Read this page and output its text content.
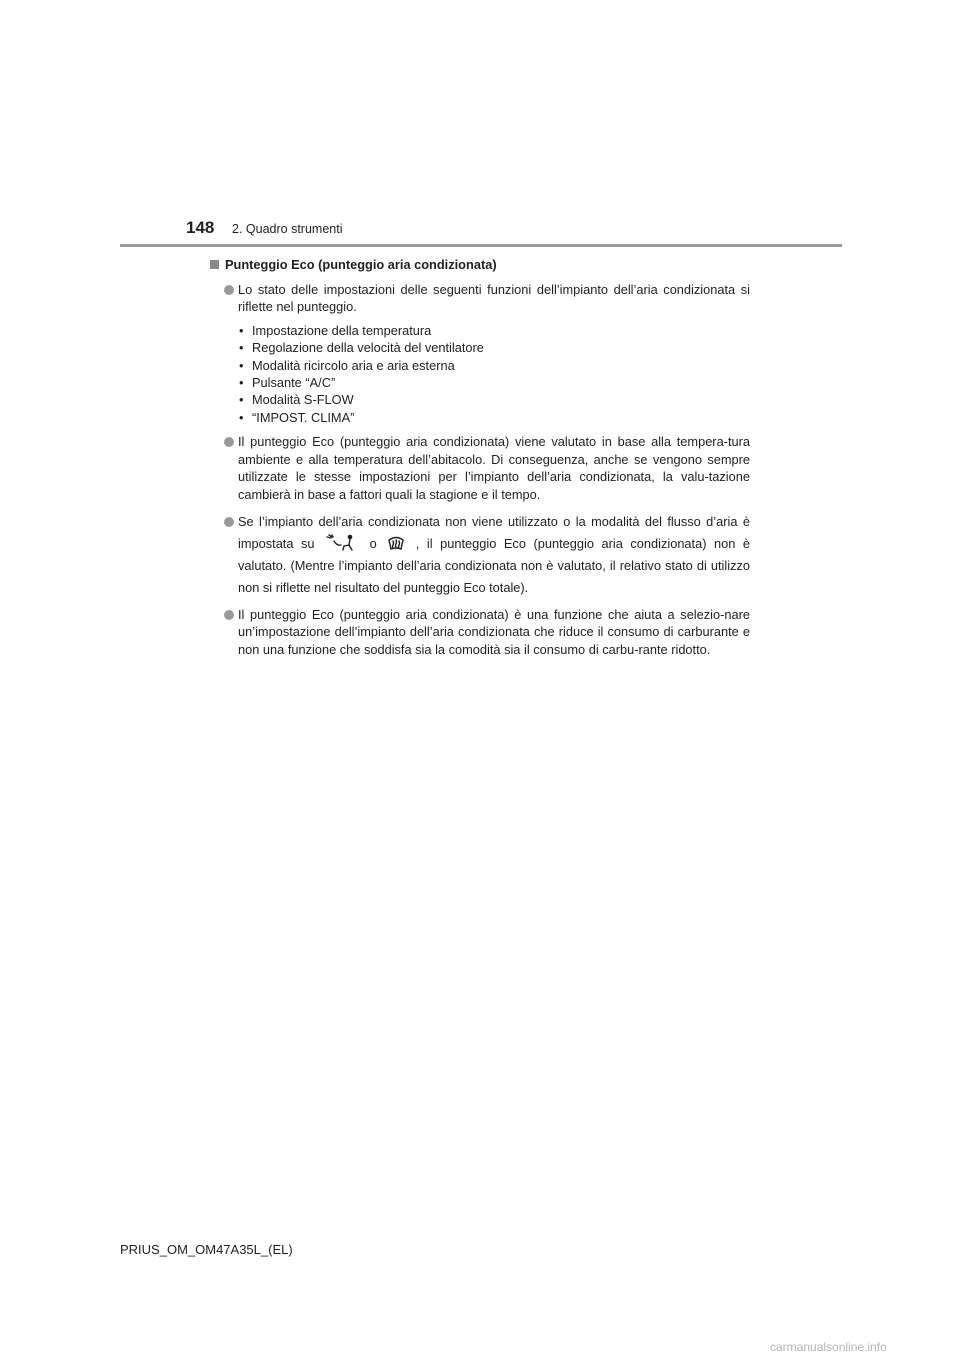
148 2. Quadro strumenti
Punteggio Eco (punteggio aria condizionata)
Lo stato delle impostazioni delle seguenti funzioni dell’impianto dell’aria condizionata si riflette nel punteggio.
• Impostazione della temperatura
• Regolazione della velocità del ventilatore
• Modalità ricircolo aria e aria esterna
• Pulsante “A/C”
• Modalità S-FLOW
• “IMPOST. CLIMA”
Il punteggio Eco (punteggio aria condizionata) viene valutato in base alla tempera-tura ambiente e alla temperatura dell’abitacolo. Di conseguenza, anche se vengono sempre utilizzate le stesse impostazioni per l’impianto dell’aria condizionata, la valu-tazione cambierà in base a fattori quali la stagione e il tempo.
Se l’impianto dell’aria condizionata non viene utilizzato o la modalità del flusso d’aria è impostata su	o	, il punteggio Eco (punteggio aria condizionata) non è valutato. (Mentre l’impianto dell’aria condizionata non è valutato, il relativo stato di utilizzo non si riflette nel risultato del punteggio Eco totale).
Il punteggio Eco (punteggio aria condizionata) è una funzione che aiuta a selezio-nare un’impostazione dell’impianto dell’aria condizionata che riduce il consumo di carburante e non una funzione che soddisfa sia la comodità sia il consumo di carbu-rante ridotto.
PRIUS_OM_OM47A35L_(EL)
carmanualsonline.info
